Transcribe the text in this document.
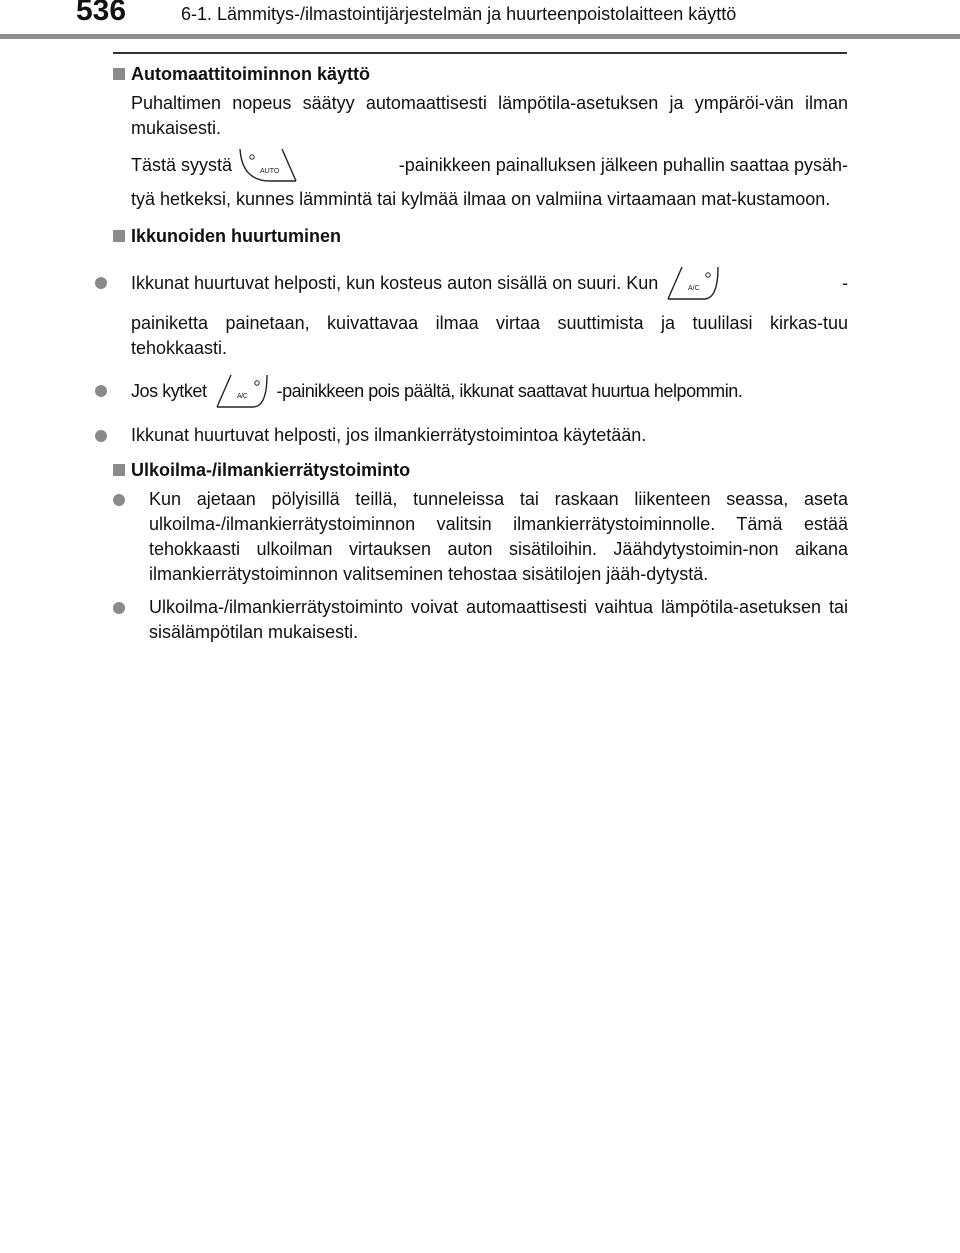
536	6-1. Lämmitys-/ilmastointijärjestelmän ja huurteenpoistolaitteen käyttö
Automaattitoiminnon käyttö

Puhaltimen nopeus säätyy automaattisesti lämpötila-asetuksen ja ympäröi-vän ilman mukaisesti.

Tästä syystä	AUTO	-painikkeen painalluksen jälkeen puhallin saattaa pysäh-

tyä hetkeksi, kunnes lämmintä tai kylmää ilmaa on valmiina virtaamaan mat-kustamoon.

Ikkunoiden huurtuminen
Ikkunat huurtuvat helposti, kun kosteus auton sisällä on suuri. Kun	A/C	-

painiketta painetaan, kuivattavaa ilmaa virtaa suuttimista ja tuulilasi kirkas-tuu tehokkaasti.

Jos kytket	A/C -painikkeen pois päältä, ikkunat saattavat huurtua helpommin.
Ikkunat huurtuvat helposti, jos ilmankierrätystoimintoa käytetään.
Ulkoilma-/ilmankierrätystoiminto

Kun ajetaan pölyisillä teillä, tunneleissa tai raskaan liikenteen seassa, aseta ulkoilma-/ilmankierrätystoiminnon valitsin ilmankierrätystoiminnolle. Tämä estää tehokkaasti ulkoilman virtauksen auton sisätiloihin. Jäähdytystoimin-non aikana ilmankierrätystoiminnon valitseminen tehostaa sisätilojen jääh-dytystä.

Ulkoilma-/ilmankierrätystoiminto voivat automaattisesti vaihtua lämpötila-asetuksen tai sisälämpötilan mukaisesti.
